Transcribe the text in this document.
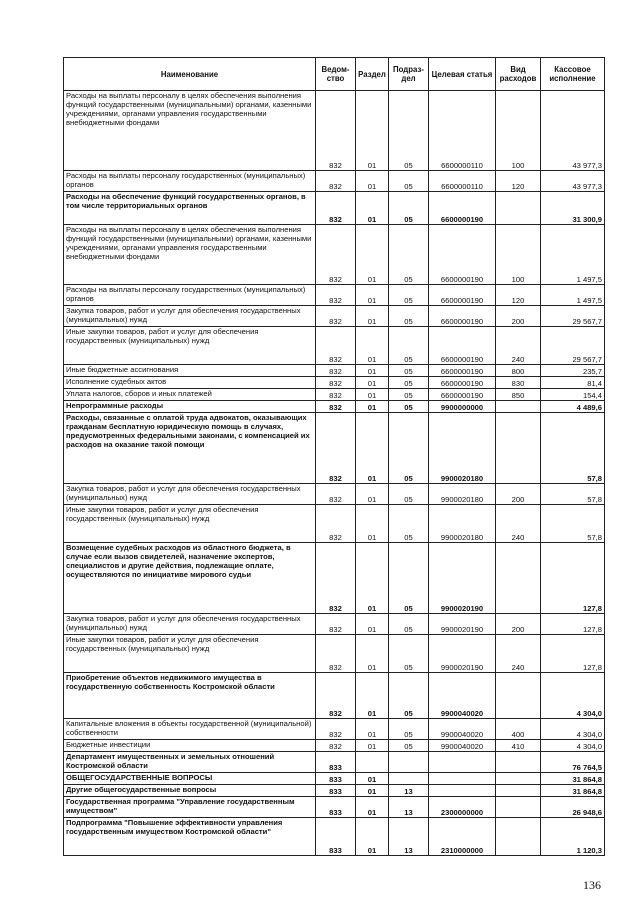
Наименование	Ведом-ство	Раздел	Подраз-дел	Целевая статья	Вид расходов	Кассовое исполнение
Расходы на выплаты персоналу в целях обеспечения выполнения функций государственными (муниципальными) органами, казенными учреждениями, органами управления государственными внебюджетными фондами	832	01	05	6600000110	100	43 977,3
Расходы на выплаты персоналу государственных (муниципальных) органов	832	01	05	6600000110	120	43 977,3
Расходы на обеспечение функций государственных органов, в том числе территориальных органов	832	01	05	6600000190		31 300,9
Расходы на выплаты персоналу в целях обеспечения выполнения функций государственными (муниципальными) органами, казенными учреждениями, органами управления государственными внебюджетными фондами	832	01	05	6600000190	100	1 497,5
Расходы на выплаты персоналу государственных (муниципальных) органов	832	01	05	6600000190	120	1 497,5
Закупка товаров, работ и услуг для обеспечения государственных (муниципальных) нужд	832	01	05	6600000190	200	29 567,7
Иные закупки товаров, работ и услуг для обеспечения государственных (муниципальных) нужд	832	01	05	6600000190	240	29 567,7
Иные бюджетные ассигнования	832	01	05	6600000190	800	235,7
Исполнение судебных актов	832	01	05	6600000190	830	81,4
Уплата налогов, сборов и иных платежей	832	01	05	6600000190	850	154,4
Непрограммные расходы	832	01	05	9900000000		4 489,6
Расходы, связанные с оплатой труда адвокатов, оказывающих гражданам бесплатную юридическую помощь в случаях, предусмотренных федеральными законами, с компенсацией их расходов на оказание такой помощи	832	01	05	9900020180		57,8
Закупка товаров, работ и услуг для обеспечения государственных (муниципальных) нужд	832	01	05	9900020180	200	57,8
Иные закупки товаров, работ и услуг для обеспечения государственных (муниципальных) нужд	832	01	05	9900020180	240	57,8
Возмещение судебных расходов из областного бюджета, в случае если вызов свидетелей, назначение экспертов, специалистов и другие действия, подлежащие оплате, осуществляются по инициативе мирового судьи	832	01	05	9900020190		127,8
Закупка товаров, работ и услуг для обеспечения государственных (муниципальных) нужд	832	01	05	9900020190	200	127,8
Иные закупки товаров, работ и услуг для обеспечения государственных (муниципальных) нужд	832	01	05	9900020190	240	127,8
Приобретение объектов недвижимого имущества в государственную собственность Костромской области	832	01	05	9900040020		4 304,0
Капитальные вложения в объекты государственной (муниципальной) собственности	832	01	05	9900040020	400	4 304,0
Бюджетные инвестиции	832	01	05	9900040020	410	4 304,0
Департамент имущественных и земельных отношений Костромской области	833					76 764,5
ОБЩЕГОСУДАРСТВЕННЫЕ ВОПРОСЫ	833	01				31 864,8
Другие общегосударственные вопросы	833	01	13			31 864,8
Государственная программа "Управление государственным имуществом"	833	01	13	2300000000		26 948,6
Подпрограмма "Повышение эффективности управления государственным имуществом Костромской области"	833	01	13	2310000000		1 120,3
136
